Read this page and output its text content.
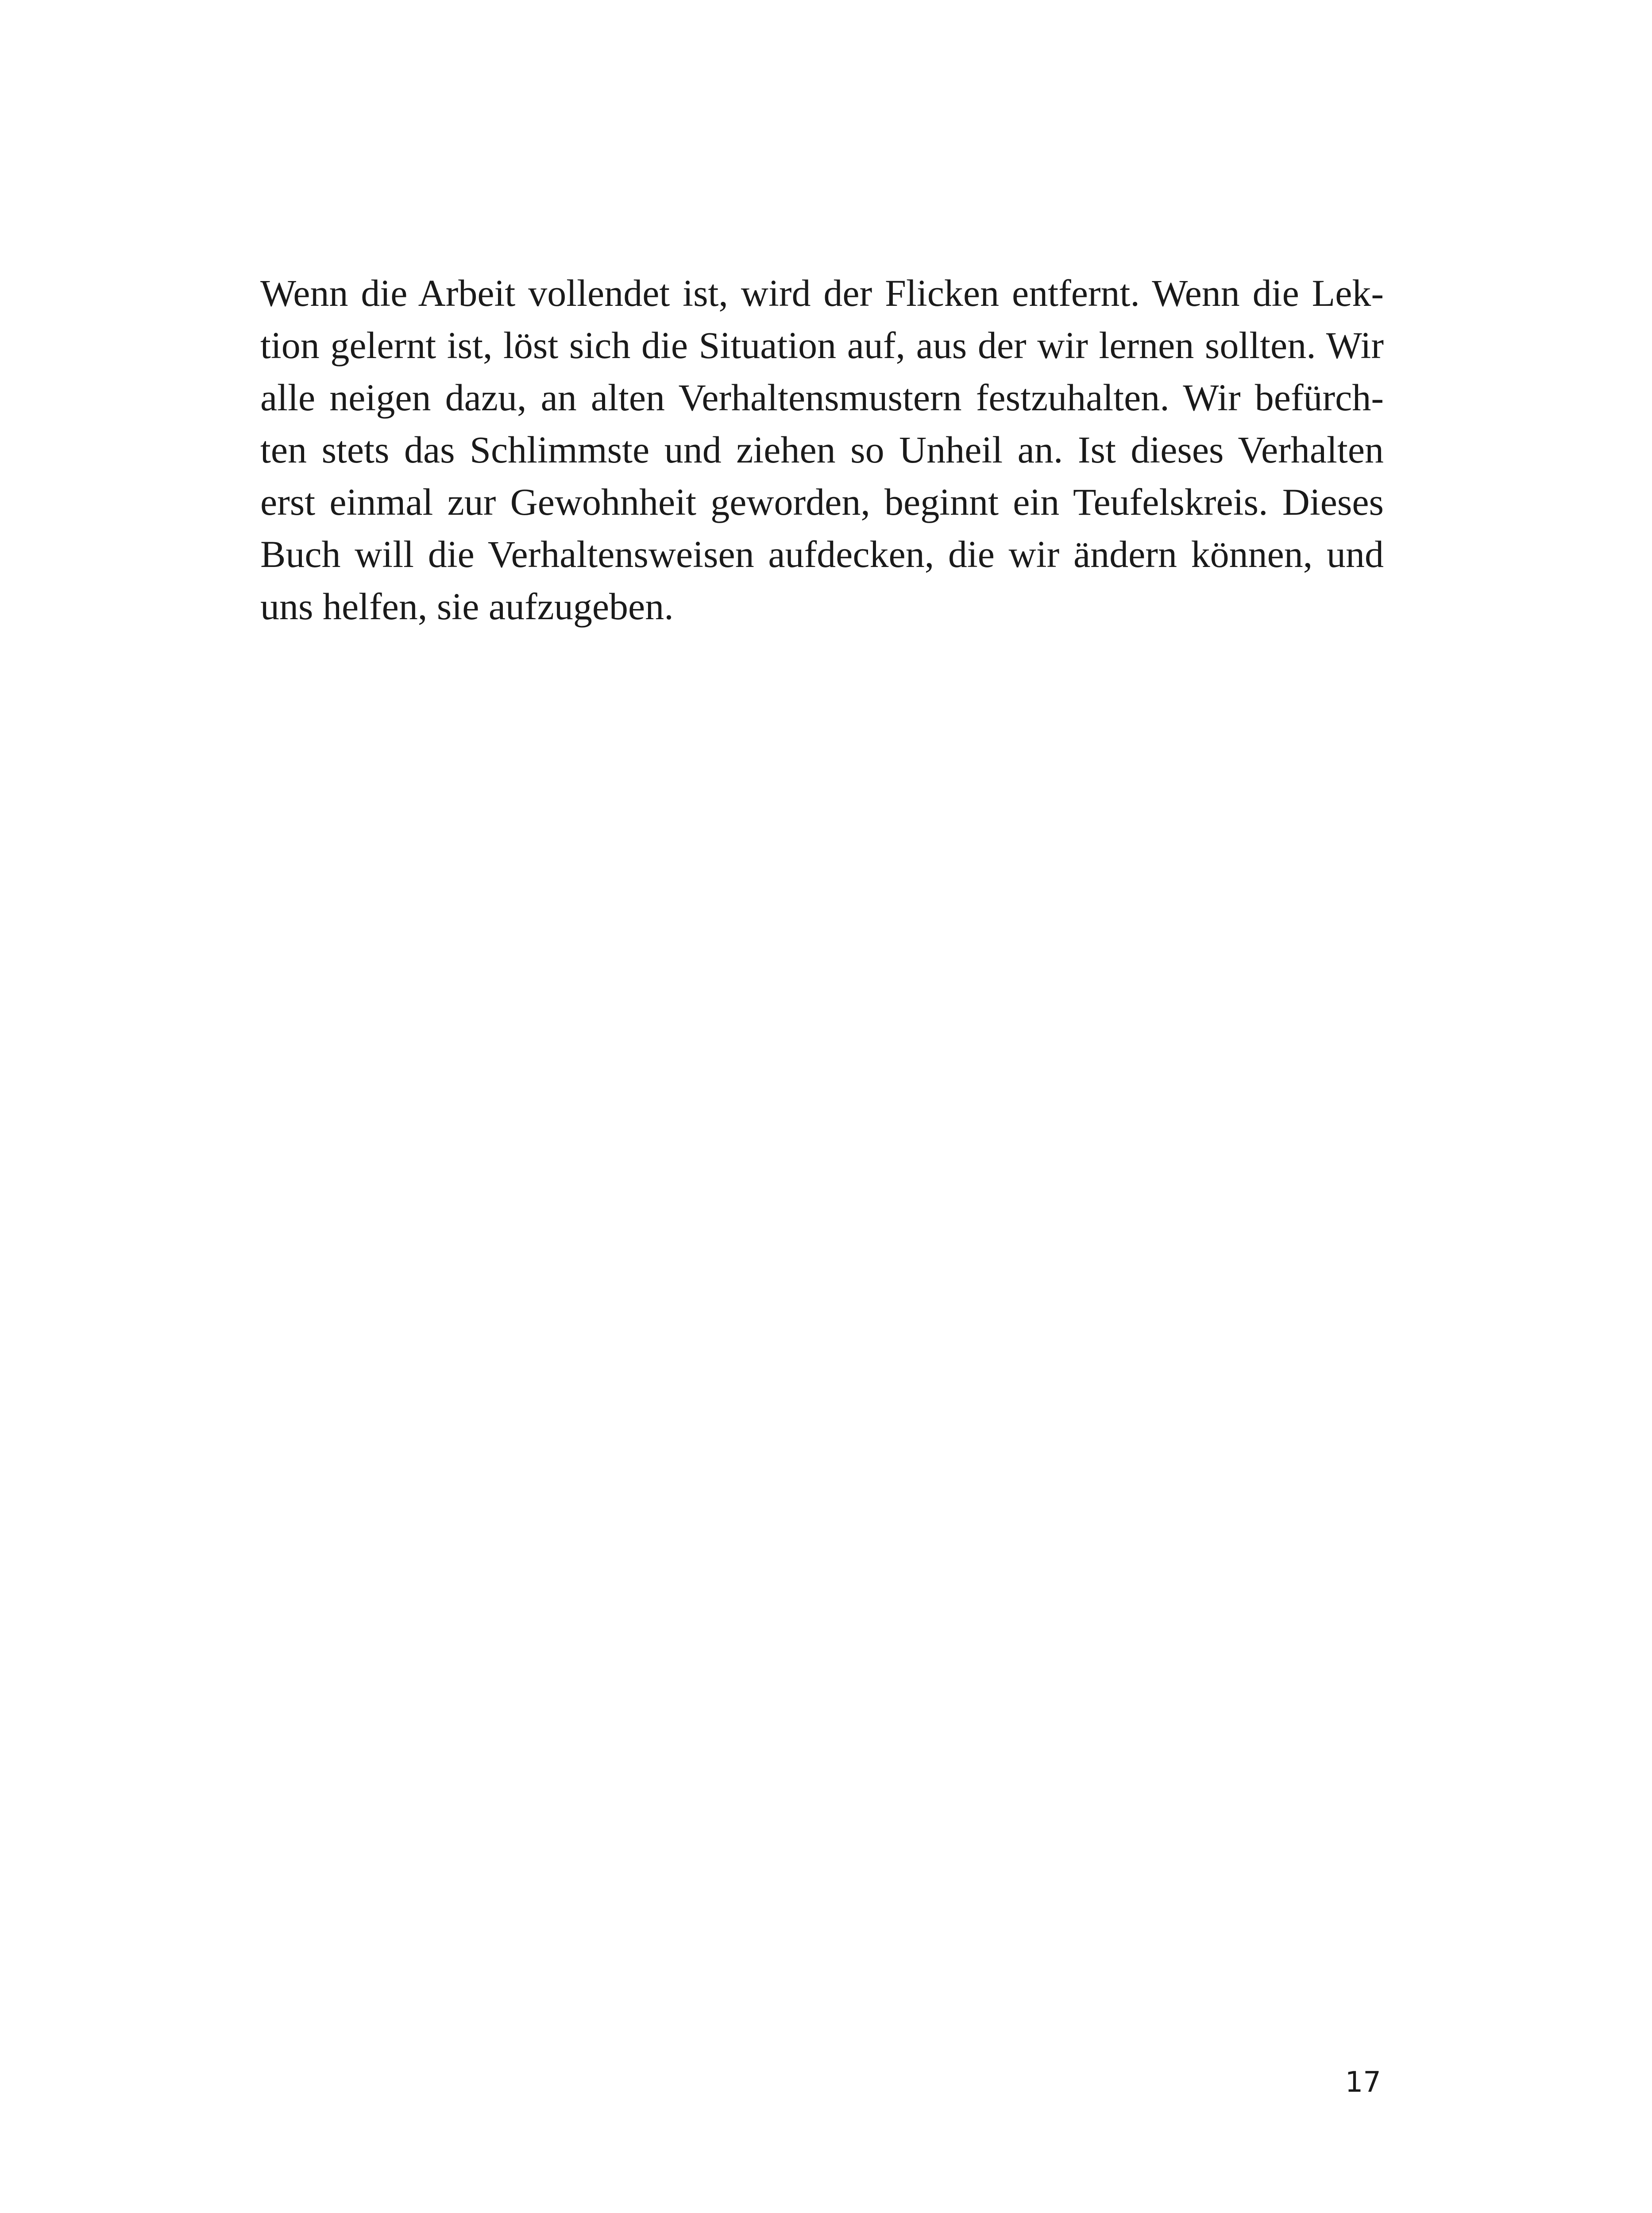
Wenn die Arbeit vollendet ist, wird der Flicken entfernt. Wenn die Lek-
tion gelernt ist, löst sich die Situation auf, aus der wir lernen sollten. Wir
alle neigen dazu, an alten Verhaltensmustern festzuhalten. Wir befürch-
ten stets das Schlimmste und ziehen so Unheil an. Ist dieses Verhalten
erst einmal zur Gewohnheit geworden, beginnt ein Teufelskreis. Dieses
Buch will die Verhaltensweisen aufdecken, die wir ändern können, und
uns helfen, sie aufzugeben.
17
